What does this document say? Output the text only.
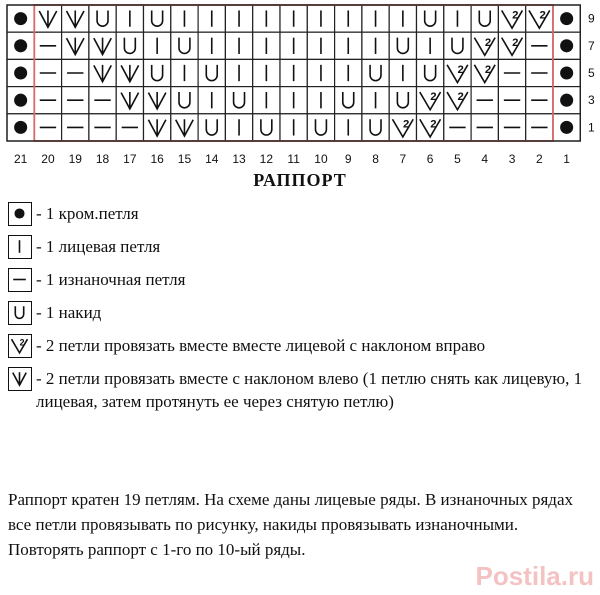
2 2
2 2
2 2
2 2
2 2
21 20 19 18 17 16 15 14 13 12 11 10 9 8 7 6 5 4 3 2 1
9
7
5
3
1
РАППОРТ
- 1 кром.петля
- 1 лицевая петля
- 1 изнаночная петля
- 1 накид
2 - 2 петли провязать вместе вместе лицевой с наклоном вправо
- 2 петли провязать вместе с наклоном влево (1 петлю снять как лицевую, 1 лицевая, затем протянуть ее через снятую петлю)
Раппорт кратен 19 петлям. На схеме даны лицевые ряды. В изнаночных рядах все петли провязывать по рисунку, накиды провязывать изнаночными. Повторять раппорт с 1-го по 10-ый ряды.
Postila.ru
